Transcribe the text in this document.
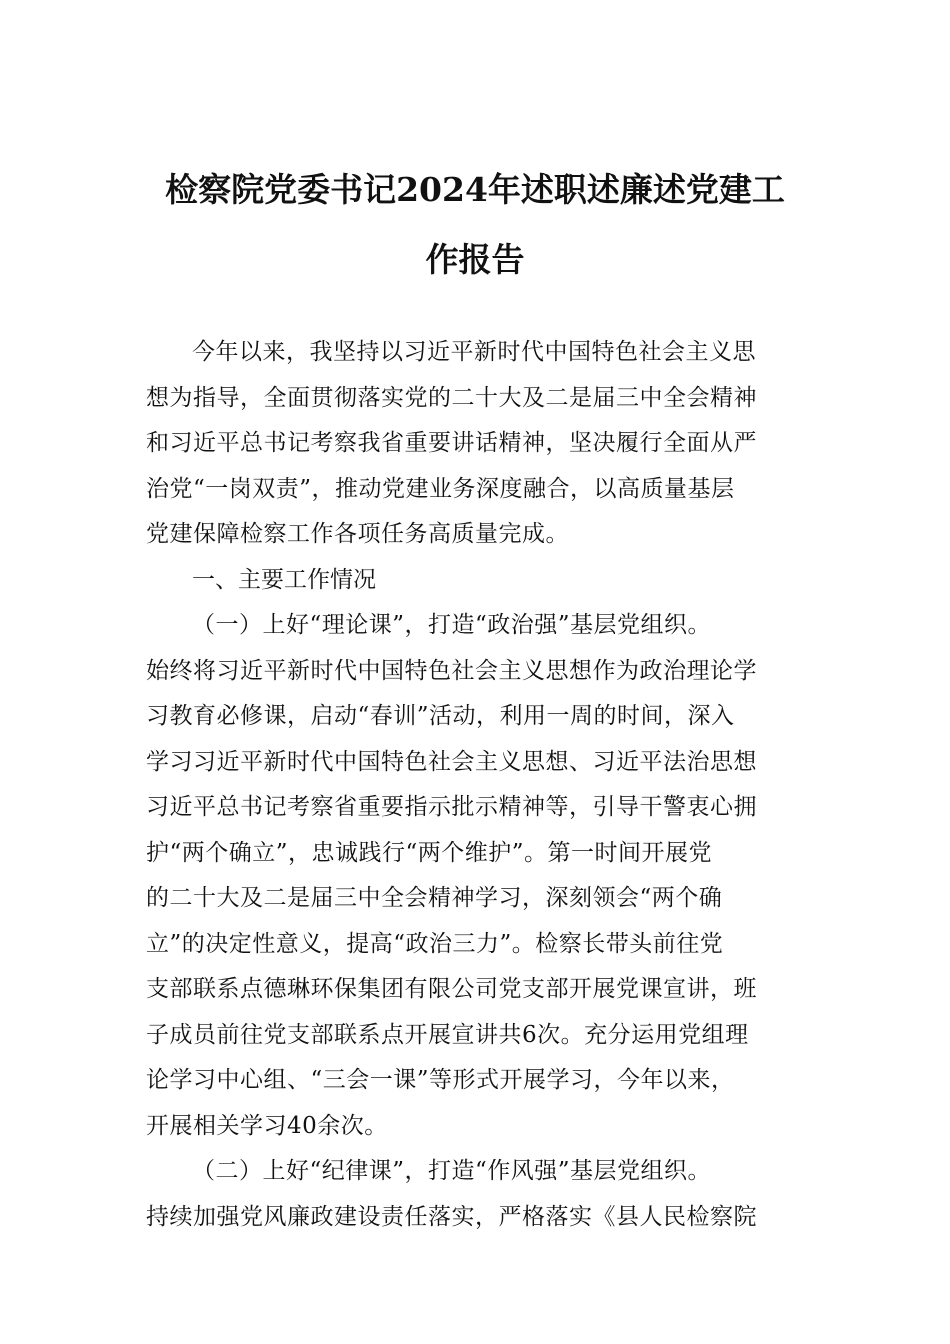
检察院党委书记2024年述职述廉述党建工
作报告

今年以来，我坚持以习近平新时代中国特色社会主义思
想为指导，全面贯彻落实党的二十大及二是届三中全会精神
和习近平总书记考察我省重要讲话精神，坚决履行全面从严
治党“一岗双责”，推动党建业务深度融合，以高质量基层
党建保障检察工作各项任务高质量完成。

一、主要工作情况

（一）上好“理论课”，打造“政治强”基层党组织。
始终将习近平新时代中国特色社会主义思想作为政治理论学
习教育必修课，启动“春训”活动，利用一周的时间，深入
学习习近平新时代中国特色社会主义思想、习近平法治思想
习近平总书记考察省重要指示批示精神等，引导干警衷心拥
护“两个确立”，忠诚践行“两个维护”。第一时间开展党
的二十大及二是届三中全会精神学习，深刻领会“两个确
立”的决定性意义，提高“政治三力”。检察长带头前往党
支部联系点德琳环保集团有限公司党支部开展党课宣讲，班
子成员前往党支部联系点开展宣讲共6次。充分运用党组理
论学习中心组、“三会一课”等形式开展学习，今年以来，
开展相关学习40余次。

（二）上好“纪律课”，打造“作风强”基层党组织。
持续加强党风廉政建设责任落实，严格落实《县人民检察院
